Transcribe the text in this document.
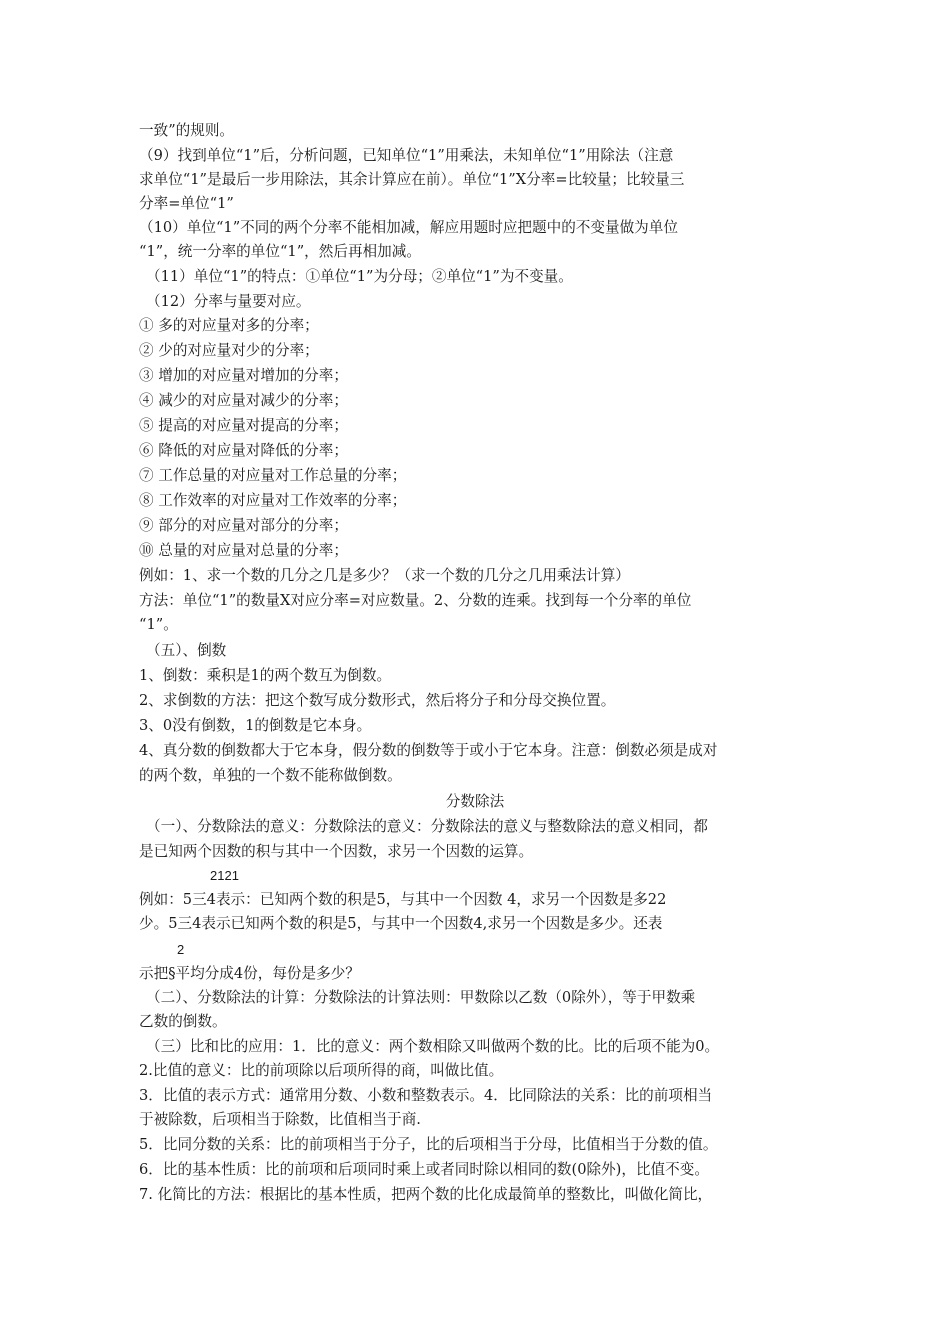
一致”的规则。
（9）找到单位“1”后，分析问题，已知单位“1”用乘法，未知单位“1”用除法（注意
求单位“1”是最后一步用除法，其余计算应在前）。单位“1”X分率=比较量；比较量三
分率=单位“1”
（10）单位“1”不同的两个分率不能相加减，解应用题时应把题中的不变量做为单位
“1”，统一分率的单位“1”，然后再相加减。
（11）单位“1”的特点：①单位“1”为分母；②单位“1”为不变量。
（12）分率与量要对应。
① 多的对应量对多的分率；
② 少的对应量对少的分率；
③ 增加的对应量对增加的分率；
④ 减少的对应量对减少的分率；
⑤ 提高的对应量对提高的分率；
⑥ 降低的对应量对降低的分率；
⑦ 工作总量的对应量对工作总量的分率；
⑧ 工作效率的对应量对工作效率的分率；
⑨ 部分的对应量对部分的分率；
⑩ 总量的对应量对总量的分率；
例如：1、求一个数的几分之几是多少？（求一个数的几分之几用乘法计算）
方法：单位“1”的数量X对应分率=对应数量。2、分数的连乘。找到每一个分率的单位
“1”。
（五）、倒数
1、倒数：乘积是1的两个数互为倒数。
2、求倒数的方法：把这个数写成分数形式，然后将分子和分母交换位置。
3、0没有倒数，1的倒数是它本身。
4、真分数的倒数都大于它本身，假分数的倒数等于或小于它本身。注意：倒数必须是成对
的两个数，单独的一个数不能称做倒数。
分数除法
（一）、分数除法的意义：分数除法的意义：分数除法的意义与整数除法的意义相同，都
是已知两个因数的积与其中一个因数，求另一个因数的运算。
2121
例如：5三4表示：已知两个数的积是5，与其中一个因数 4，求另一个因数是多22
少。5三4表示已知两个数的积是5，与其中一个因数4,求另一个因数是多少。还表
2
示把§平均分成4份，每份是多少？
（二）、分数除法的计算：分数除法的计算法则：甲数除以乙数（0除外），等于甲数乘
乙数的倒数。
（三）比和比的应用：1．比的意义：两个数相除又叫做两个数的比。比的后项不能为0。
2.比值的意义：比的前项除以后项所得的商，叫做比值。
3．比值的表示方式：通常用分数、小数和整数表示。4．比同除法的关系：比的前项相当
于被除数，后项相当于除数，比值相当于商.
5．比同分数的关系：比的前项相当于分子，比的后项相当于分母，比值相当于分数的值。
6．比的基本性质：比的前项和后项同时乘上或者同时除以相同的数(0除外)，比值不变。
7. 化简比的方法：根据比的基本性质，把两个数的比化成最简单的整数比，叫做化简比，
